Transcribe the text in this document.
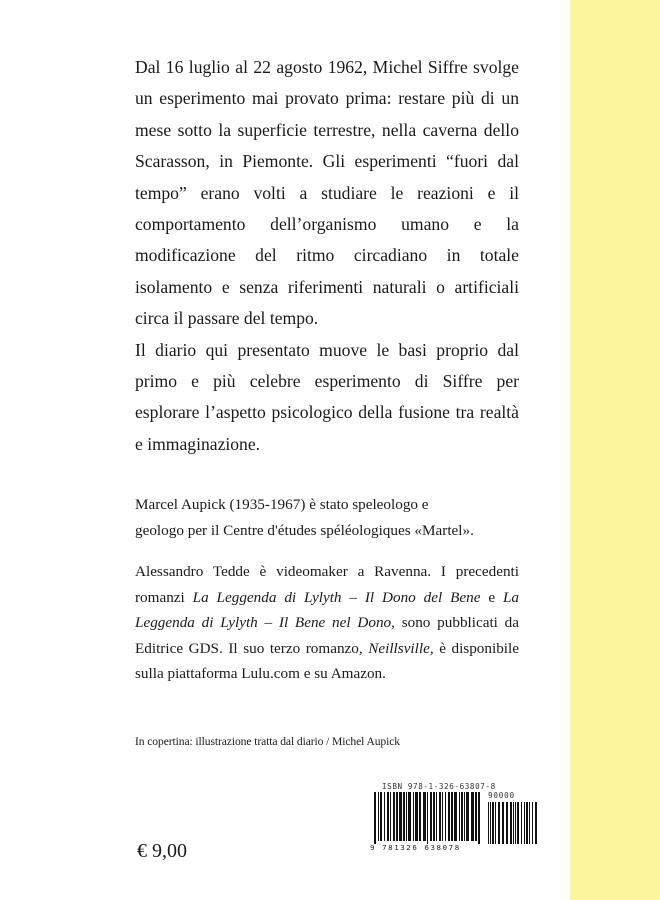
Dal 16 luglio al 22 agosto 1962, Michel Siffre svolge un esperimento mai provato prima: restare più di un mese sotto la superficie terrestre, nella caverna dello Scarasson, in Piemonte. Gli esperimenti “fuori dal tempo” erano volti a studiare le reazioni e il comportamento dell’organismo umano e la modificazione del ritmo circadiano in totale isolamento e senza riferimenti naturali o artificiali circa il passare del tempo.

Il diario qui presentato muove le basi proprio dal primo e più celebre esperimento di Siffre per esplorare l’aspetto psicologico della fusione tra realtà e immaginazione.

Marcel Aupick (1935-1967) è stato speleologo e
geologo per il Centre d'études spéléologiques «Martel».

Alessandro Tedde è videomaker a Ravenna. I precedenti romanzi La Leggenda di Lylyth – Il Dono del Bene e La Leggenda di Lylyth – Il Bene nel Dono, sono pubblicati da Editrice GDS. Il suo terzo romanzo, Neillsville, è disponibile sulla piattaforma Lulu.com e su Amazon.

In copertina: illustrazione tratta dal diario / Michel Aupick
ISBN 978-1-326-63807-8
90000
9 781326 638078
€ 9,00
